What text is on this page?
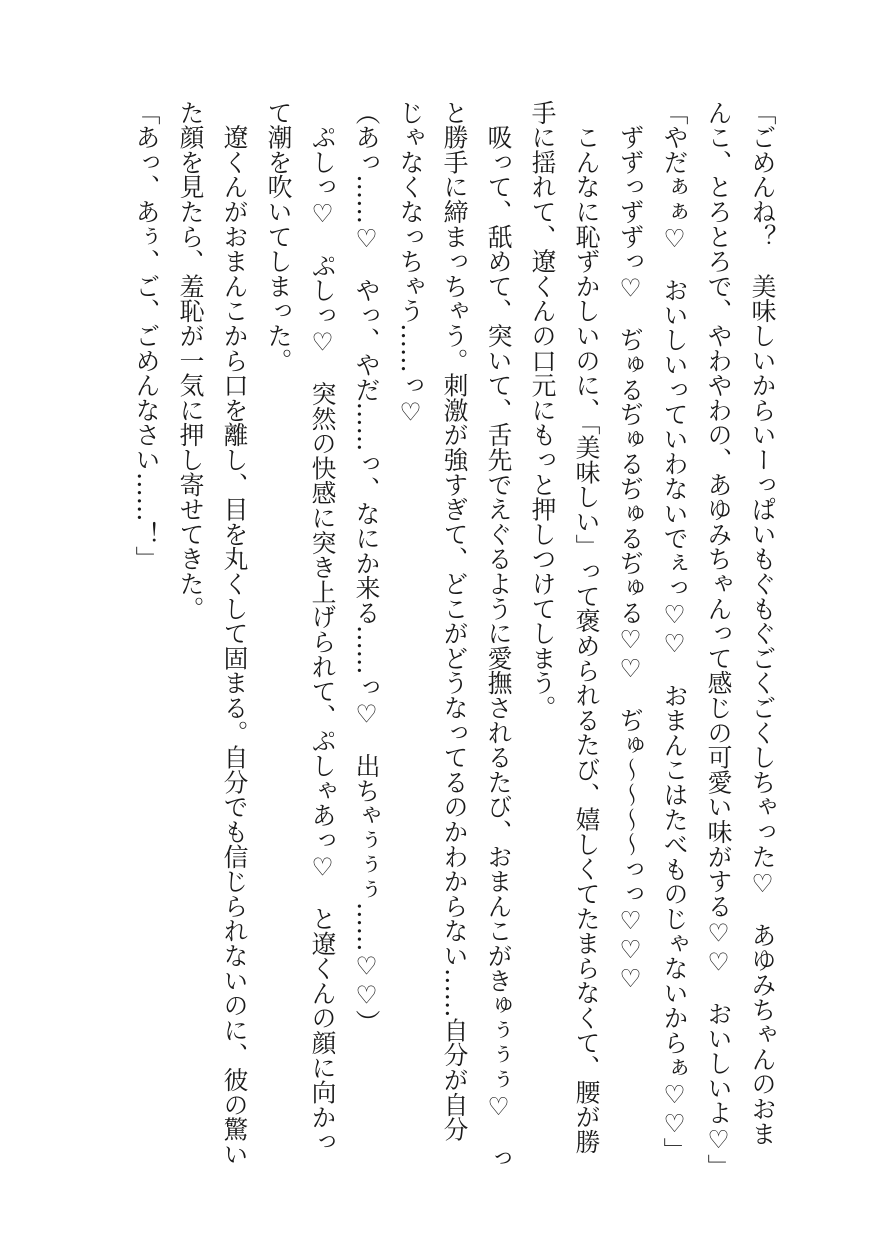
「ごめんね？　美味しいからいーっぱいもぐもぐごくごくしちゃった♡　あゆみちゃんのおま

んこ、とろとろで、やわやわの、あゆみちゃんって感じの可愛い味がする♡♡　おいしいよ♡」

「やだぁぁ♡　おいしいっていわないでぇっ♡♡　おまんこはたべものじゃないからぁ♡♡」

　ずずっずずっ♡　ぢゅるぢゅるぢゅるぢゅる♡♡　ぢゅ～～～～っっ♡♡♡

　こんなに恥ずかしいのに、「美味しい」って褒められるたび、嬉しくてたまらなくて、腰が勝

手に揺れて、遼くんの口元にもっと押しつけてしまう。

　吸って、舐めて、突いて、舌先でえぐるように愛撫されるたび、おまんこがきゅぅぅぅ♡　っ

と勝手に締まっちゃう。刺激が強すぎて、どこがどうなってるのかわからない……自分が自分

じゃなくなっちゃう……っ♡

（あっ……♡　やっ、やだ……っ、なにか来る……っ♡　出ちゃぅぅぅ……♡♡）

　ぷしっ♡　ぷしっ♡　突然の快感に突き上げられて、ぷしゃあっ♡　と遼くんの顔に向かっ

て潮を吹いてしまった。

　遼くんがおまんこから口を離し、目を丸くして固まる。自分でも信じられないのに、彼の驚い

た顔を見たら、羞恥が一気に押し寄せてきた。

「あっ、あぅ、ご、ごめんなさい……！」
